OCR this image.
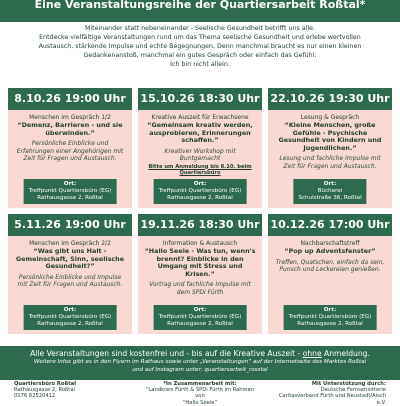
Eine Veranstaltungsreihe der Quartiersarbeit Roßtal*

Miteinander statt nebeneinander - Seelische Gesundheit betrifft uns alle.

Entdecke vielfältige Veranstaltungen rund um das Thema seelische Gesundheit und erlebe wertvollen

Austausch, stärkende Impulse und echte Begegnungen. Denn manchmal braucht es nur einen kleinen

Gedankenanstoß, manchmal ein gutes Gespräch oder einfach das Gefühl:

Ich bin nicht allein.

8.10.26 19:00 Uhr
Menschen im Gespräch 1/2
“Demenz, Barrieren - und sie überwinden.”
Persönliche Einblicke und Erfahrungen einer Angehörigen mit Zeit für Fragen und Austausch.
Ort:
Treffpunkt Quartiersbüro (EG)
Rathausgasse 2, Roßtal
15.10.26 18:30 Uhr
Kreative Auszeit für Erwachsene
“Gemeinsam kreativ werden, ausprobieren, Erinnerungen schaffen.”
Kreativer Workshop mit Buntgemacht
Bitte um Anmeldung bis 8.10. beim Quartiersbüro
Ort:
Treffpunkt Quartiersbüro (EG)
Rathausgasse 2, Roßtal
22.10.26 19:30 Uhr
Lesung & Gespräch
“Kleine Menschen, große Gefühle - Psychische Gesundheit von Kindern und Jugendlichen.”
Lesung und fachliche Impulse mit Zeit für Fragen und Austausch.
Ort:
Bücherei
Schulstraße 36, Roßtal
5.11.26 19:00 Uhr
Menschen im Gespräch 2/2
“Was gibt uns Halt - Gemeinschaft, Sinn, seelische Gesundheit?”
Persönliche Einblicke und Impulse mit Zeit für Fragen und Austausch.
Ort:
Treffpunkt Quartiersbüro (EG)
Rathausgasse 2, Roßtal
19.11.26 18:30 Uhr
Information & Austausch
“Hallo Seele - Was tun, wenn's brennt? Einblicke in den Umgang mit Stress und Krisen.”
Vortrag und fachliche Impulse mit dem SPDi Fürth
Ort:
Treffpunkt Quartiersbüro (EG)
Rathausgasse 2, Roßtal
10.12.26 17:00 Uhr
Nachbarschaftstreff
“Pop up Adventsfenster”
Treffen, Quatschen, einfach da sein, Punsch und Leckereien genießen.
Ort:
Treffpunkt Quartiersbüro (EG)
Rathausgasse 2, Roßtal
Alle Veranstaltungen sind kostenfrei und - bis auf die Kreative Auszeit - ohne Anmeldung.
Weitere Infos gibt es in den Flyern im Rathaus sowie unter „Veranstaltungen“ auf der Internetseite des Marktes Roßtal
und auf Instagram unter: quartiersarbeit_rosstal
Quartiersbüro Roßtal
Rathausgasse 2, Roßtal
0176 62520412
*In Zusammenarbeit mit:
“Landkreis Fürth & SPDi Fürth im Rahmen von
“Hallo Seele”
Mit Unterstützung durch:
Deutsche Fernsehlotterie
Caritasverband Fürth und Neustadt/Aisch e.V.
